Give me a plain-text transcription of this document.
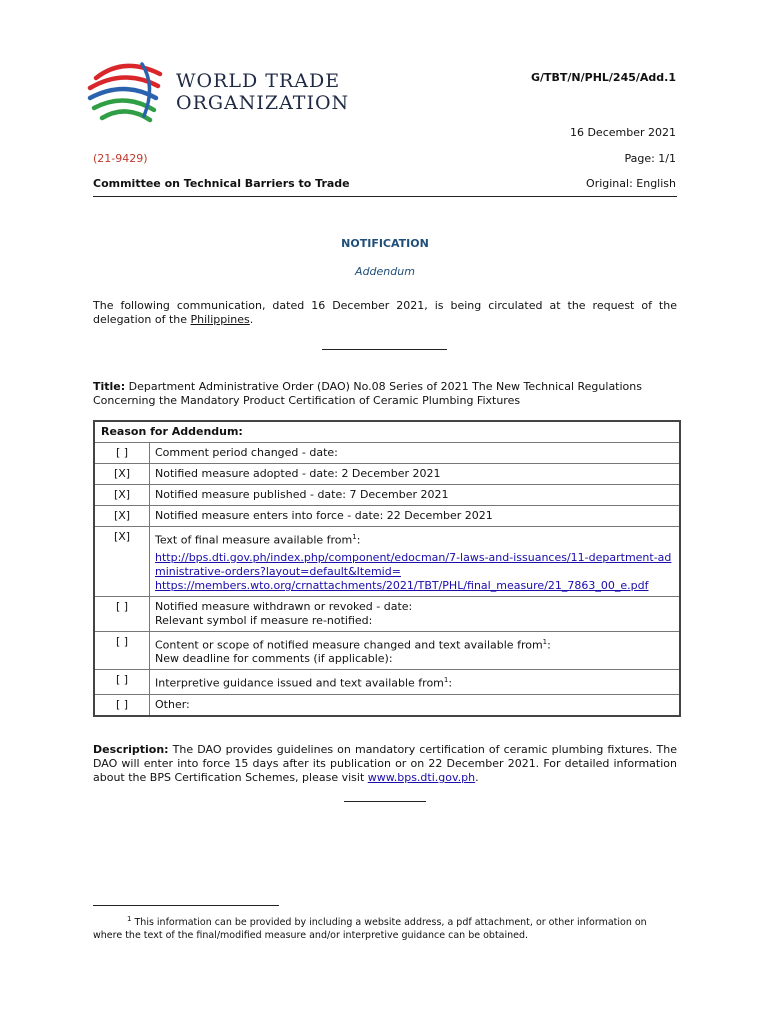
WORLD TRADE
ORGANIZATION
G/TBT/N/PHL/245/Add.1
16 December 2021
(21-9429)	Page: 1/1
Committee on Technical Barriers to Trade	Original: English
NOTIFICATION
Addendum
The following communication, dated 16 December 2021, is being circulated at the request of the delegation of the Philippines.
Title: Department Administrative Order (DAO) No.08 Series of 2021 The New Technical Regulations Concerning the Mandatory Product Certification of Ceramic Plumbing Fixtures
Reason for Addendum:	
[ ]	Comment period changed - date:
[X]	Notified measure adopted - date: 2 December 2021
[X]	Notified measure published - date: 7 December 2021
[X]	Notified measure enters into force - date: 22 December 2021
[X]	Text of final measure available from$^1$:
http://bps.dti.gov.ph/index.php/component/edocman/7-laws-and-issuances/11-department-administrative-orders?layout=default&Itemid=
https://members.wto.org/crnattachments/2021/TBT/PHL/final_measure/21_7863_00_e.pdf

[ ]	Notified measure withdrawn or revoked - date:
Relevant symbol if measure re-notified:

[ ]	Content or scope of notified measure changed and text available from$^1$:
New deadline for comments (if applicable):

[ ]	Interpretive guidance issued and text available from$^1$:
[ ]	Other:
Description: The DAO provides guidelines on mandatory certification of ceramic plumbing fixtures. The DAO will enter into force 15 days after its publication or on 22 December 2021. For detailed information about the BPS Certification Schemes, please visit www.bps.dti.gov.ph.
$^1$ This information can be provided by including a website address, a pdf attachment, or other information on where the text of the final/modified measure and/or interpretive guidance can be obtained.
